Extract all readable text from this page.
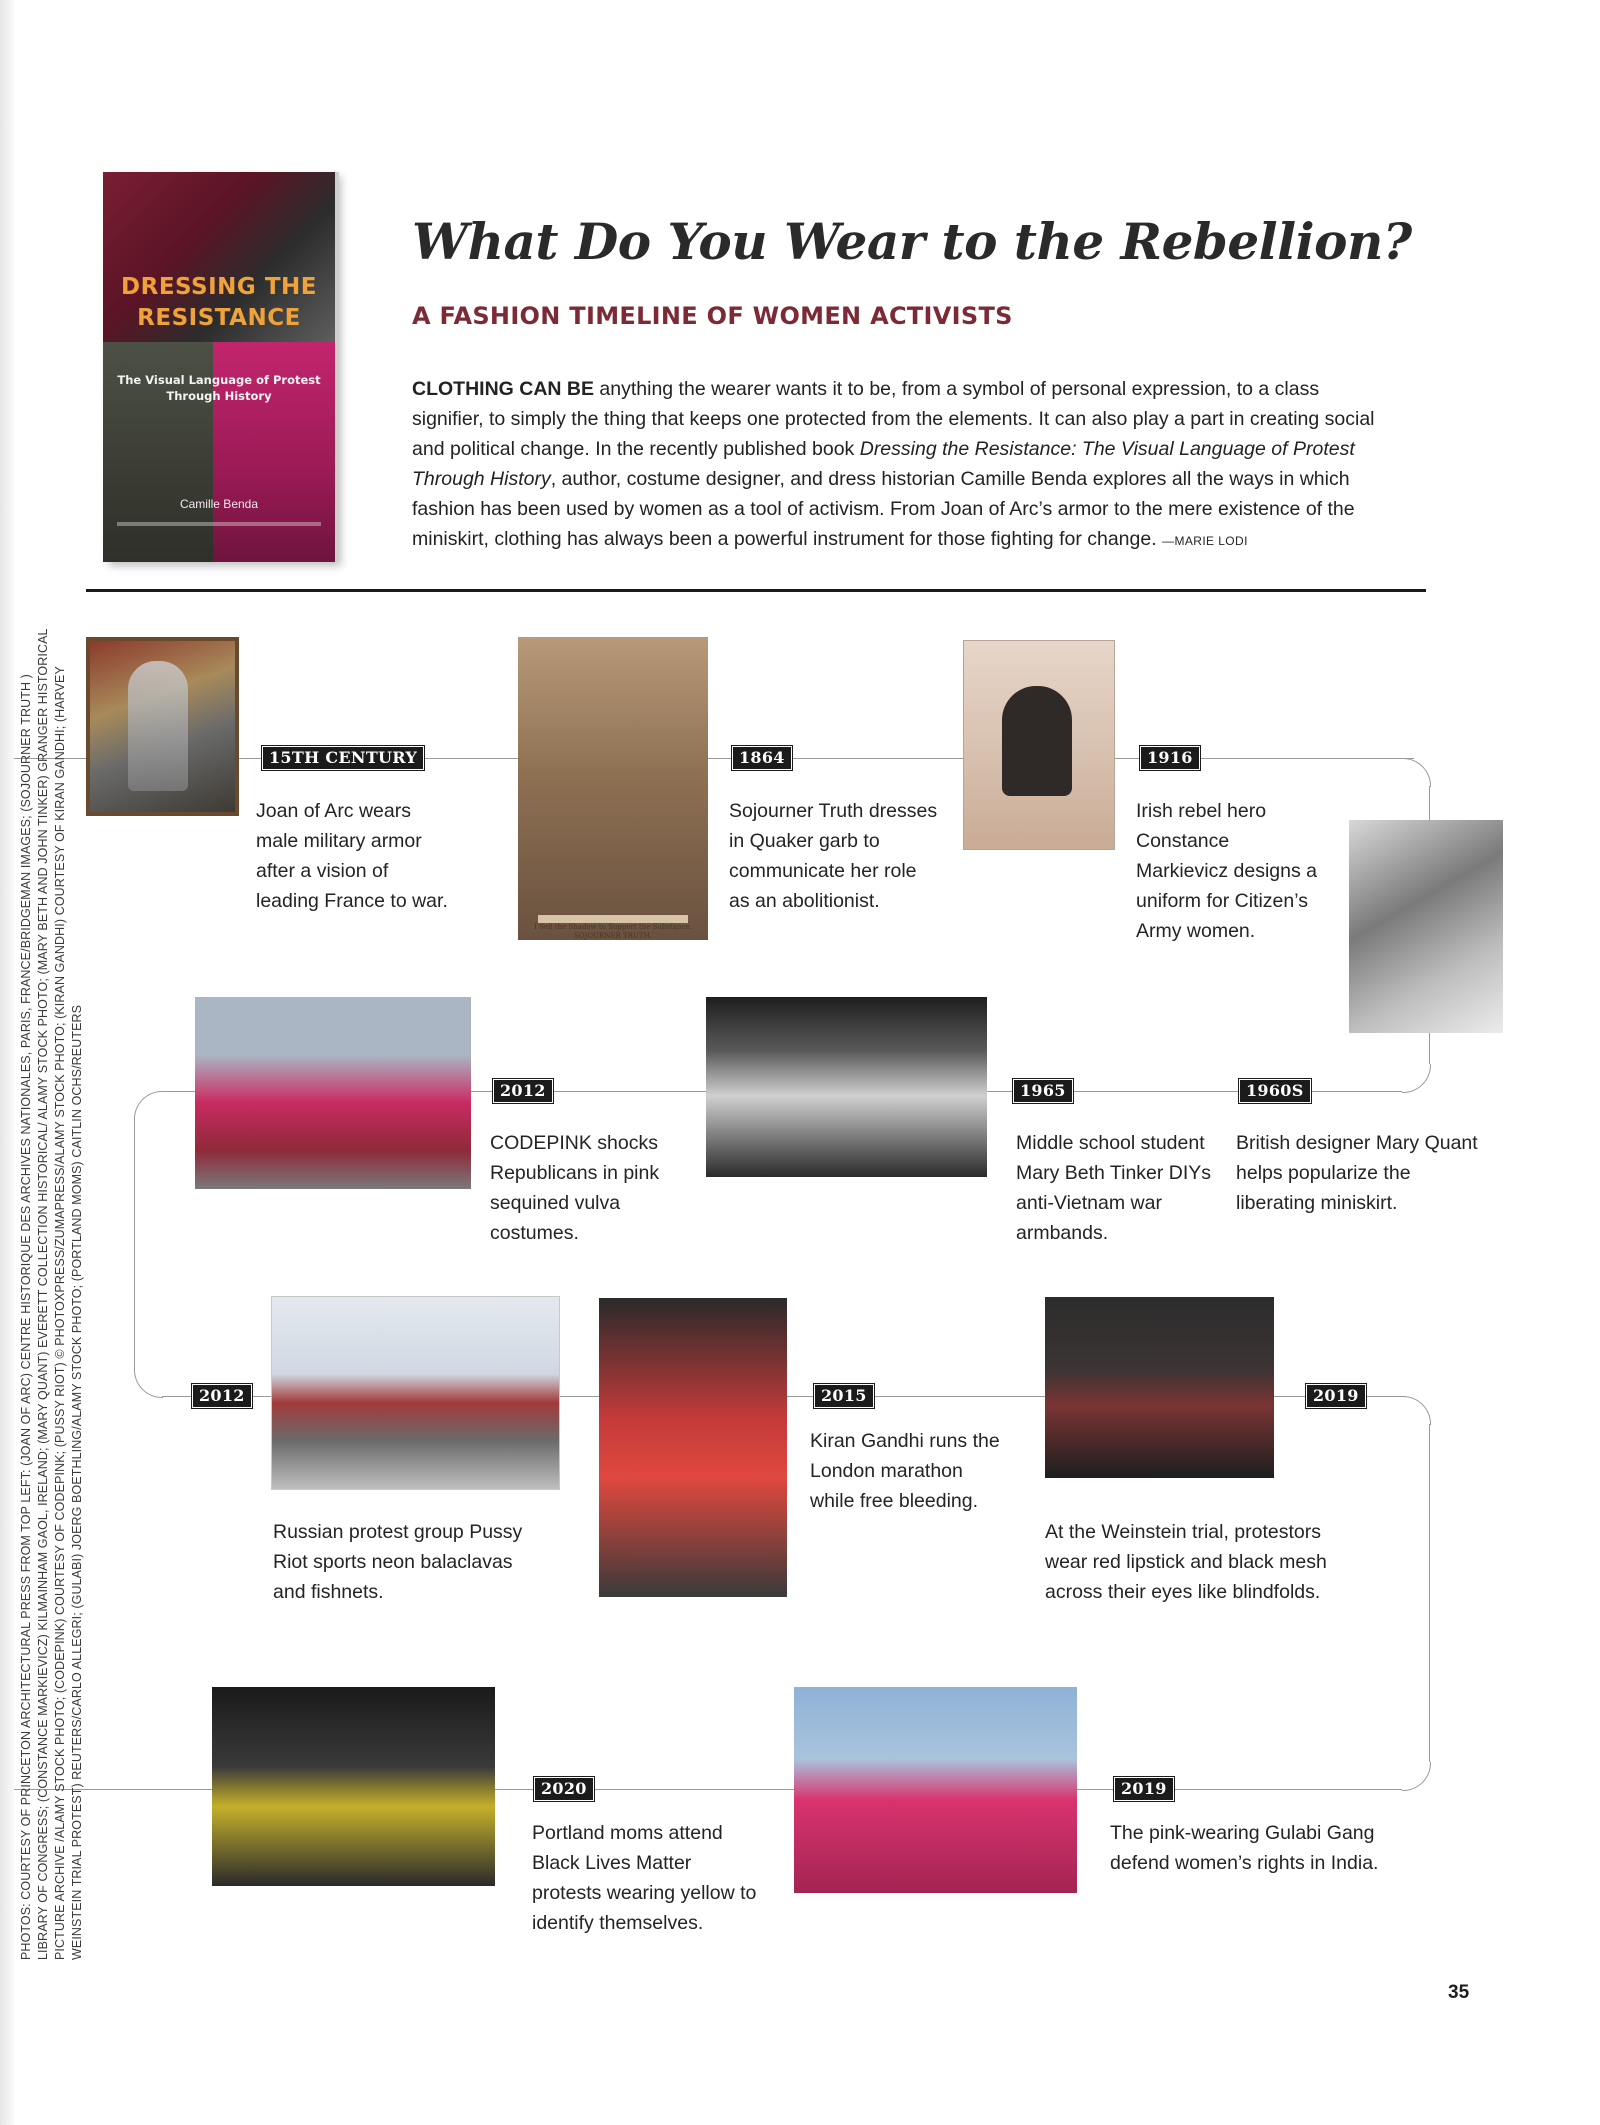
DRESSING THE RESISTANCE
The Visual Language of Protest Through History
Camille Benda
What Do You Wear to the Rebellion?
A FASHION TIMELINE OF WOMEN ACTIVISTS
CLOTHING CAN BE anything the wearer wants it to be, from a symbol of personal expression, to a class signifier, to simply the thing that keeps one protected from the elements. It can also play a part in creating social and political change. In the recently published book Dressing the Resistance: The Visual Language of Protest Through History, author, costume designer, and dress historian Camille Benda explores all the ways in which fashion has been used by women as a tool of activism. From Joan of Arc’s armor to the mere existence of the miniskirt, clothing has always been a powerful instrument for those fighting for change. —MARIE LODI
I Sell the Shadow to Support the Substance. SOJOURNER TRUTH.
15TH CENTURY	1864	1916
1960S
1965
2012
2012	2015	2019
2019
2020
Joan of Arc wears male military armor after a vision of leading France to war.
Sojourner Truth dresses in Quaker garb to communicate her role as an abolitionist.
Irish rebel hero Constance Markievicz designs a uniform for Citizen’s Army women.
British designer Mary Quant helps popularize the liberating miniskirt.
Middle school student Mary Beth Tinker DIYs anti-Vietnam war armbands.
CODEPINK shocks Republicans in pink sequined vulva costumes.
Russian protest group Pussy Riot sports neon balaclavas and fishnets.
Kiran Gandhi runs the London marathon while free bleeding.
At the Weinstein trial, protestors wear red lipstick and black mesh across their eyes like blindfolds.
The pink-wearing Gulabi Gang defend women’s rights in India.
Portland moms attend Black Lives Matter protests wearing yellow to identify themselves.
PHOTOS: COURTESY OF PRINCETON ARCHITECTURAL PRESS FROM TOP LEFT: (JOAN OF ARC) CENTRE HISTORIQUE DES ARCHIVES NATIONALES, PARIS, FRANCE/BRIDGEMAN IMAGES; (SOJOURNER TRUTH ) LIBRARY OF CONGRESS; (CONSTANCE MARKIEVICZ) KILMAINHAM GAOL, IRELAND; (MARY QUANT) EVERETT COLLECTION HISTORICAL/ ALAMY STOCK PHOTO; (MARY BETH AND JOHN TINKER) GRANGER HISTORICAL PICTURE ARCHIVE /ALAMY STOCK PHOTO; (CODEPINK) COURTESY OF CODEPINK; (PUSSY RIOT) © PHOTOXPRESS/ZUMAPRESS/ALAMY STOCK PHOTO; (KIRAN GANDHI) COURTESY OF KIRAN GANDHI; (HARVEY WEINSTEIN TRIAL PROTEST) REUTERS/CARLO ALLEGRI; (GULABI) JOERG BOETHLING/ALAMY STOCK PHOTO; (PORTLAND MOMS) CAITLIN OCHS/REUTERS
35
